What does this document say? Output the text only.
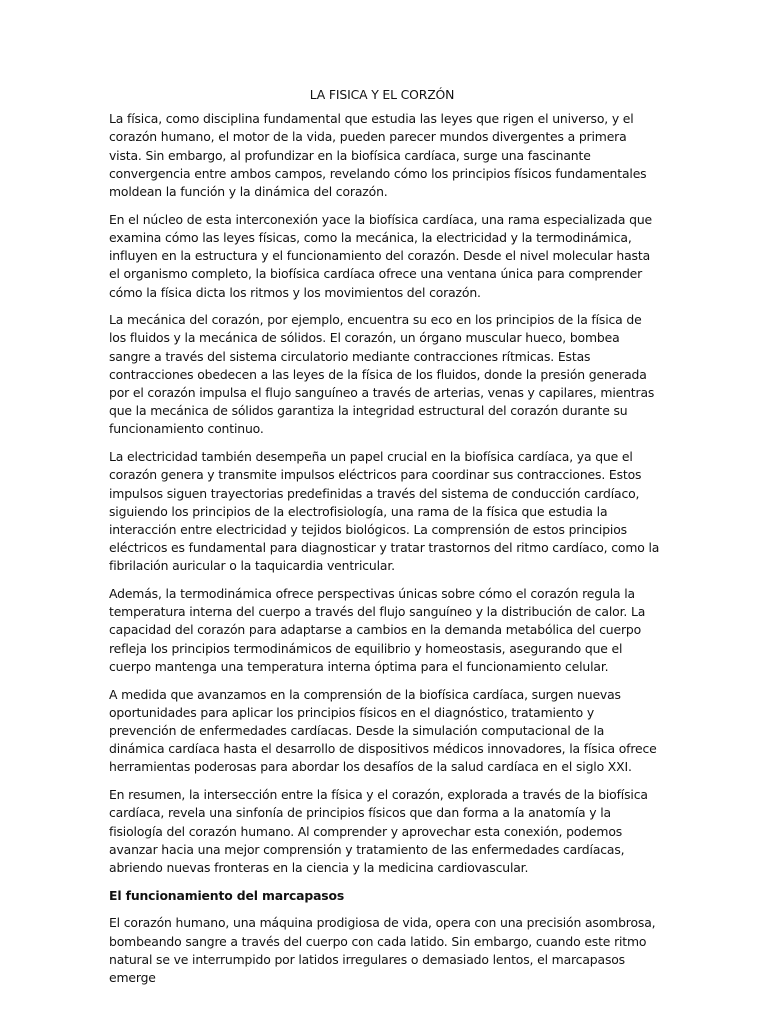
LA FISICA Y EL CORZÓN

La física, como disciplina fundamental que estudia las leyes que rigen el universo, y el corazón humano, el motor de la vida, pueden parecer mundos divergentes a primera vista. Sin embargo, al profundizar en la biofísica cardíaca, surge una fascinante convergencia entre ambos campos, revelando cómo los principios físicos fundamentales moldean la función y la dinámica del corazón.

En el núcleo de esta interconexión yace la biofísica cardíaca, una rama especializada que examina cómo las leyes físicas, como la mecánica, la electricidad y la termodinámica, influyen en la estructura y el funcionamiento del corazón. Desde el nivel molecular hasta el organismo completo, la biofísica cardíaca ofrece una ventana única para comprender cómo la física dicta los ritmos y los movimientos del corazón.

La mecánica del corazón, por ejemplo, encuentra su eco en los principios de la física de los fluidos y la mecánica de sólidos. El corazón, un órgano muscular hueco, bombea sangre a través del sistema circulatorio mediante contracciones rítmicas. Estas contracciones obedecen a las leyes de la física de los fluidos, donde la presión generada por el corazón impulsa el flujo sanguíneo a través de arterias, venas y capilares, mientras que la mecánica de sólidos garantiza la integridad estructural del corazón durante su funcionamiento continuo.

La electricidad también desempeña un papel crucial en la biofísica cardíaca, ya que el corazón genera y transmite impulsos eléctricos para coordinar sus contracciones. Estos impulsos siguen trayectorias predefinidas a través del sistema de conducción cardíaco, siguiendo los principios de la electrofisiología, una rama de la física que estudia la interacción entre electricidad y tejidos biológicos. La comprensión de estos principios eléctricos es fundamental para diagnosticar y tratar trastornos del ritmo cardíaco, como la fibrilación auricular o la taquicardia ventricular.

Además, la termodinámica ofrece perspectivas únicas sobre cómo el corazón regula la temperatura interna del cuerpo a través del flujo sanguíneo y la distribución de calor. La capacidad del corazón para adaptarse a cambios en la demanda metabólica del cuerpo refleja los principios termodinámicos de equilibrio y homeostasis, asegurando que el cuerpo mantenga una temperatura interna óptima para el funcionamiento celular.

A medida que avanzamos en la comprensión de la biofísica cardíaca, surgen nuevas oportunidades para aplicar los principios físicos en el diagnóstico, tratamiento y prevención de enfermedades cardíacas. Desde la simulación computacional de la dinámica cardíaca hasta el desarrollo de dispositivos médicos innovadores, la física ofrece herramientas poderosas para abordar los desafíos de la salud cardíaca en el siglo XXI.

En resumen, la intersección entre la física y el corazón, explorada a través de la biofísica cardíaca, revela una sinfonía de principios físicos que dan forma a la anatomía y la fisiología del corazón humano. Al comprender y aprovechar esta conexión, podemos avanzar hacia una mejor comprensión y tratamiento de las enfermedades cardíacas, abriendo nuevas fronteras en la ciencia y la medicina cardiovascular.

El funcionamiento del marcapasos

El corazón humano, una máquina prodigiosa de vida, opera con una precisión asombrosa, bombeando sangre a través del cuerpo con cada latido. Sin embargo, cuando este ritmo natural se ve interrumpido por latidos irregulares o demasiado lentos, el marcapasos emerge
